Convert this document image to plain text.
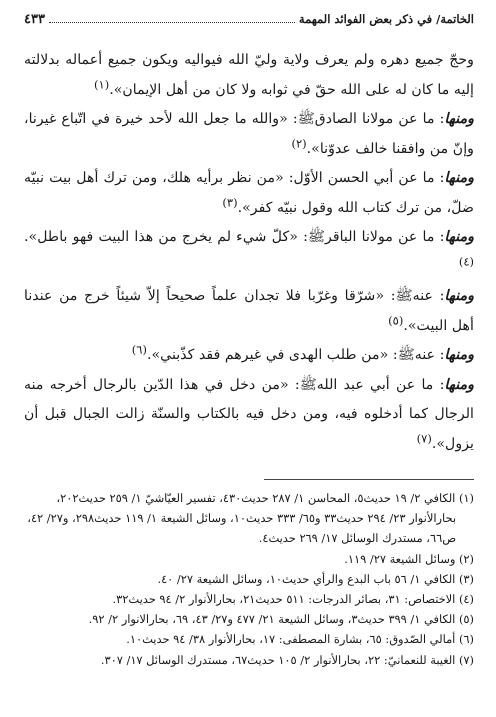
الخاتمة/ في ذكر بعض الفوائد المهمة
٤٣٣

وحجّ جميع دهره ولم يعرف ولاية وليّ الله فيواليه ويكون جميع أعماله بدلالته إليه ما كان له على الله حقّ في ثوابه ولا كان من أهل الإيمان».$^{(١)}$

ومنها: ما عن مولانا الصادقﷺ: «والله ما جعل الله لأحد خيرة في اتّباع غيرنا، وإنّ من وافقنا خالف عدوّنا».$^{(٢)}$

ومنها: ما عن أبي الحسن الأوّل: «من نظر برأيه هلك، ومن ترك أهل بيت نبيّه ضلّ، من ترك كتاب الله وقول نبيّه كفر».$^{(٣)}$

ومنها: ما عن مولانا الباقرﷺ: «كلّ شيء لم يخرج من هذا البيت فهو باطل».$^{(٤)}$

ومنها: عنهﷺ: «شرّقا وغرّبا فلا تجدان علماً صحيحاً إلاّ شيئاً خرج من عندنا أهل البيت».$^{(٥)}$

ومنها: عنهﷺ: «من طلب الهدى في غيرهم فقد كذّبني».$^{(٦)}$

ومنها: ما عن أبي عبد اللهﷺ: «من دخل في هذا الدّين بالرجال أخرجه منه الرجال كما أدخلوه فيه، ومن دخل فيه بالكتاب والسنّة زالت الجبال قبل أن يزول».$^{(٧)}$

(١) الكافي ٢/ ١٩ حديث٥، المحاسن ١/ ٢٨٧ حديث٤٣٠، تفسير العيّاشيّ ١/ ٢٥٩ حديث٢٠٢، بحارالأنوار ٢٣/ ٢٩٤ حديث٣٣ و٦٥/ ٣٣٣ حديث١٠، وسائل الشيعة ١/ ١١٩ حديث٢٩٨، و٢٧/ ٤٢، ص٦٦، مستدرك الوسائل ١٧/ ٢٦٩ حديث٤.

(٢) وسائل الشيعة ٢٧/ ١١٩.

(٣) الكافي ١/ ٥٦ باب البدع والرأي حديث١٠، وسائل الشيعة ٢٧/ ٤٠.

(٤) الاختصاص: ٣١، بصائر الدرجات: ٥١١ حديث٢١، بحارالأنوار ٢/ ٩٤ حديث٣٢.

(٥) الكافي ١/ ٣٩٩ حديث٣، وسائل الشيعة ٢١/ ٤٧٧ و٢٧/ ٤٣، ٦٩، بحارالانوار ٢/ ٩٢.

(٦) أمالي الصّدوق: ٦٥، بشارة المصطفى: ١٧، بحارالأنوار ٣٨/ ٩٤ حديث١٠.

(٧) الغيبة للنعمانيّ: ٢٢، بحارالأنوار ٢/ ١٠٥ حديث٦٧، مستدرك الوسائل ١٧/ ٣٠٧.
